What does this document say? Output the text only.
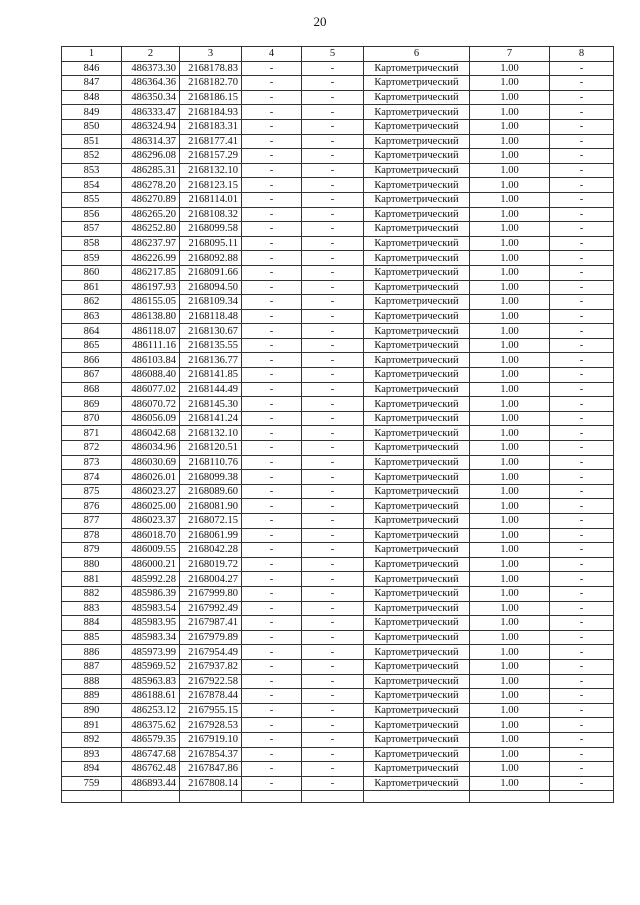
20
1	2	3	4	5	6	7	8
846	486373.30	2168178.83	-	-	Картометрический	1.00	-
847	486364.36	2168182.70	-	-	Картометрический	1.00	-
848	486350.34	2168186.15	-	-	Картометрический	1.00	-
849	486333.47	2168184.93	-	-	Картометрический	1.00	-
850	486324.94	2168183.31	-	-	Картометрический	1.00	-
851	486314.37	2168177.41	-	-	Картометрический	1.00	-
852	486296.08	2168157.29	-	-	Картометрический	1.00	-
853	486285.31	2168132.10	-	-	Картометрический	1.00	-
854	486278.20	2168123.15	-	-	Картометрический	1.00	-
855	486270.89	2168114.01	-	-	Картометрический	1.00	-
856	486265.20	2168108.32	-	-	Картометрический	1.00	-
857	486252.80	2168099.58	-	-	Картометрический	1.00	-
858	486237.97	2168095.11	-	-	Картометрический	1.00	-
859	486226.99	2168092.88	-	-	Картометрический	1.00	-
860	486217.85	2168091.66	-	-	Картометрический	1.00	-
861	486197.93	2168094.50	-	-	Картометрический	1.00	-
862	486155.05	2168109.34	-	-	Картометрический	1.00	-
863	486138.80	2168118.48	-	-	Картометрический	1.00	-
864	486118.07	2168130.67	-	-	Картометрический	1.00	-
865	486111.16	2168135.55	-	-	Картометрический	1.00	-
866	486103.84	2168136.77	-	-	Картометрический	1.00	-
867	486088.40	2168141.85	-	-	Картометрический	1.00	-
868	486077.02	2168144.49	-	-	Картометрический	1.00	-
869	486070.72	2168145.30	-	-	Картометрический	1.00	-
870	486056.09	2168141.24	-	-	Картометрический	1.00	-
871	486042.68	2168132.10	-	-	Картометрический	1.00	-
872	486034.96	2168120.51	-	-	Картометрический	1.00	-
873	486030.69	2168110.76	-	-	Картометрический	1.00	-
874	486026.01	2168099.38	-	-	Картометрический	1.00	-
875	486023.27	2168089.60	-	-	Картометрический	1.00	-
876	486025.00	2168081.90	-	-	Картометрический	1.00	-
877	486023.37	2168072.15	-	-	Картометрический	1.00	-
878	486018.70	2168061.99	-	-	Картометрический	1.00	-
879	486009.55	2168042.28	-	-	Картометрический	1.00	-
880	486000.21	2168019.72	-	-	Картометрический	1.00	-
881	485992.28	2168004.27	-	-	Картометрический	1.00	-
882	485986.39	2167999.80	-	-	Картометрический	1.00	-
883	485983.54	2167992.49	-	-	Картометрический	1.00	-
884	485983.95	2167987.41	-	-	Картометрический	1.00	-
885	485983.34	2167979.89	-	-	Картометрический	1.00	-
886	485973.99	2167954.49	-	-	Картометрический	1.00	-
887	485969.52	2167937.82	-	-	Картометрический	1.00	-
888	485963.83	2167922.58	-	-	Картометрический	1.00	-
889	486188.61	2167878.44	-	-	Картометрический	1.00	-
890	486253.12	2167955.15	-	-	Картометрический	1.00	-
891	486375.62	2167928.53	-	-	Картометрический	1.00	-
892	486579.35	2167919.10	-	-	Картометрический	1.00	-
893	486747.68	2167854.37	-	-	Картометрический	1.00	-
894	486762.48	2167847.86	-	-	Картометрический	1.00	-
759	486893.44	2167808.14	-	-	Картометрический	1.00	-
